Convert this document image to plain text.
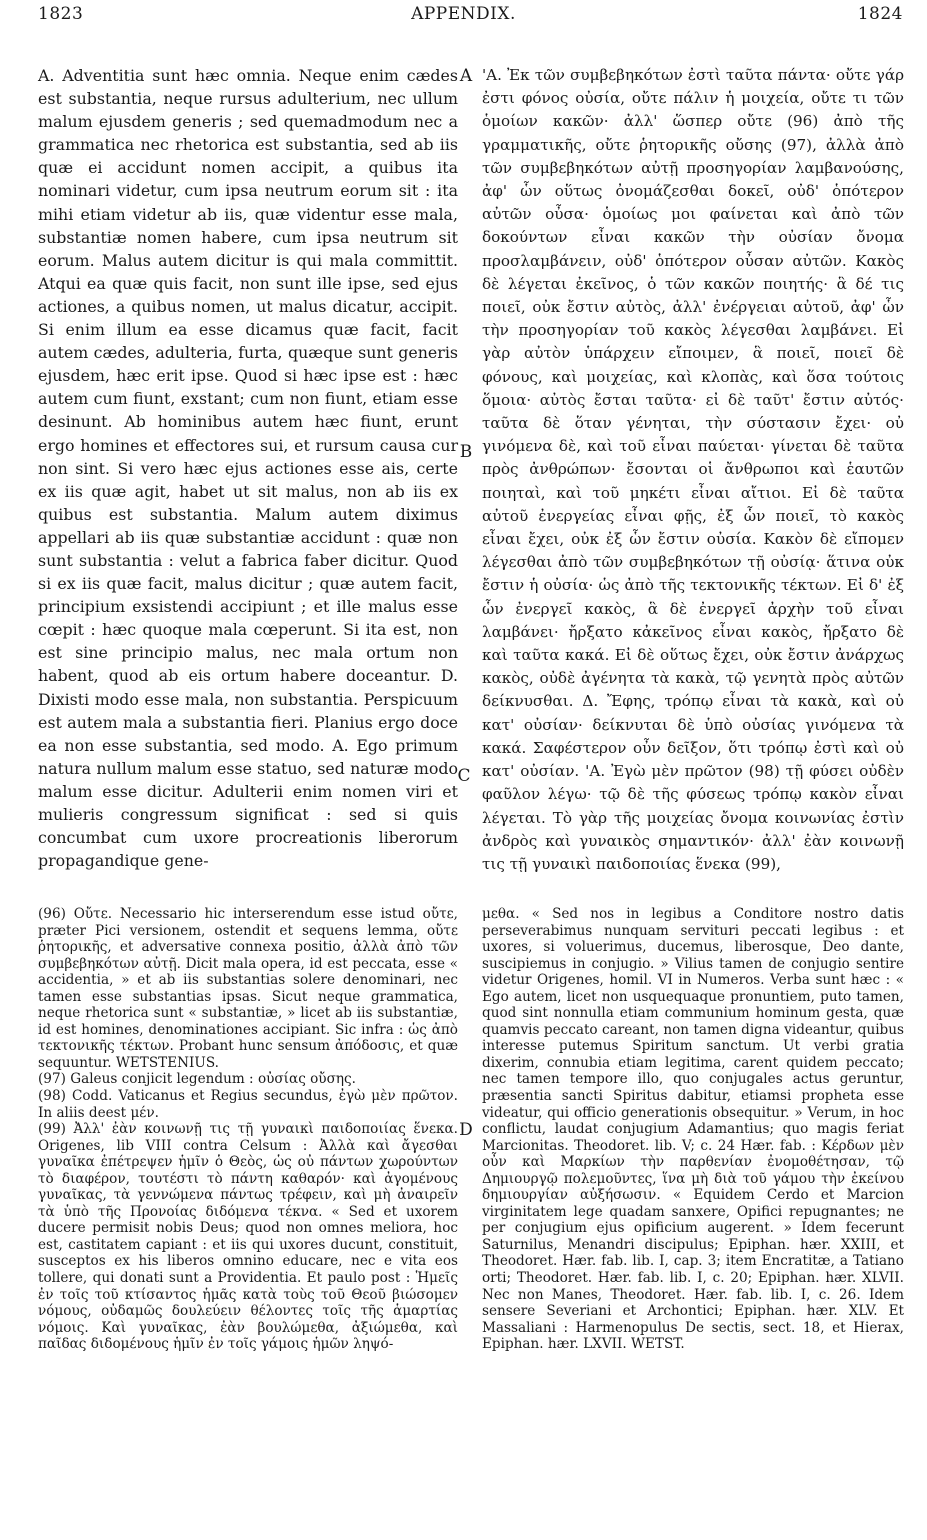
1823	APPENDIX.	1824
A
B
C
D

A. Adventitia sunt hæc omnia. Neque enim cædes est substantia, neque rursus adulterium, nec ullum malum ejusdem generis ; sed quemadmodum nec a grammatica nec rhetorica est substantia, sed ab iis quæ ei accidunt nomen accipit, a quibus ita nominari videtur, cum ipsa neutrum eorum sit : ita mihi etiam videtur ab iis, quæ videntur esse mala, substantiæ nomen habere, cum ipsa neutrum sit eorum. Malus autem dicitur is qui mala committit. Atqui ea quæ quis facit, non sunt ille ipse, sed ejus actiones, a quibus nomen, ut malus dicatur, accipit. Si enim illum ea esse dicamus quæ facit, facit autem cædes, adulteria, furta, quæque sunt generis ejusdem, hæc erit ipse. Quod si hæc ipse est : hæc autem cum fiunt, exstant; cum non fiunt, etiam esse desinunt. Ab hominibus autem hæc fiunt, erunt ergo homines et effectores sui, et rursum causa cur non sint. Si vero hæc ejus actiones esse ais, certe ex iis quæ agit, habet ut sit malus, non ab iis ex quibus est substantia. Malum autem diximus appellari ab iis quæ substantiæ accidunt : quæ non sunt substantia : velut a fabrica faber dicitur. Quod si ex iis quæ facit, malus dicitur ; quæ autem facit, principium exsistendi accipiunt ; et ille malus esse cœpit : hæc quoque mala cœperunt. Si ita est, non est sine principio malus, nec mala ortum non habent, quod ab eis ortum habere doceantur. D. Dixisti modo esse mala, non substantia. Perspicuum est autem mala a substantia fieri. Planius ergo doce ea non esse substantia, sed modo. A. Ego primum natura nullum malum esse statuo, sed naturæ modo malum esse dicitur. Adulterii enim nomen viri et mulieris congressum significat : sed si quis concumbat cum uxore procreationis liberorum propagandique gene-

'Α. Ἐκ τῶν συμβεβηκότων ἐστὶ ταῦτα πάντα· οὔτε γάρ ἐστι φόνος οὐσία, οὔτε πάλιν ἡ μοιχεία, οὔτε τι τῶν ὁμοίων κακῶν· ἀλλ' ὥσπερ οὔτε (96) ἀπὸ τῆς γραμματικῆς, οὔτε ῥητορικῆς οὔσης (97), ἀλλὰ ἀπὸ τῶν συμβεβηκότων αὐτῇ προσηγορίαν λαμβανούσης, ἀφ' ὧν οὕτως ὀνομάζεσθαι δοκεῖ, οὐδ' ὁπότερον αὐτῶν οὖσα· ὁμοίως μοι φαίνεται καὶ ἀπὸ τῶν δοκούντων εἶναι κακῶν τὴν οὐσίαν ὄνομα προσλαμβάνειν, οὐδ' ὁπότερον οὖσαν αὐτῶν. Κακὸς δὲ λέγεται ἐκεῖνος, ὁ τῶν κακῶν ποιητής· ἃ δέ τις ποιεῖ, οὐκ ἔστιν αὐτὸς, ἀλλ' ἐνέργειαι αὐτοῦ, ἀφ' ὧν τὴν προσηγορίαν τοῦ κακὸς λέγεσθαι λαμβάνει. Εἰ γὰρ αὐτὸν ὑπάρχειν εἴποιμεν, ἃ ποιεῖ, ποιεῖ δὲ φόνους, καὶ μοιχείας, καὶ κλοπὰς, καὶ ὅσα τούτοις ὅμοια· αὐτὸς ἔσται ταῦτα· εἰ δὲ ταῦτ' ἔστιν αὐτός· ταῦτα δὲ ὅταν γένηται, τὴν σύστασιν ἔχει· οὐ γινόμενα δὲ, καὶ τοῦ εἶναι παύεται· γίνεται δὲ ταῦτα πρὸς ἀνθρώπων· ἔσονται οἱ ἄνθρωποι καὶ ἑαυτῶν ποιηταὶ, καὶ τοῦ μηκέτι εἶναι αἴτιοι. Εἰ δὲ ταῦτα αὐτοῦ ἐνεργείας εἶναι φῇς, ἐξ ὧν ποιεῖ, τὸ κακὸς εἶναι ἔχει, οὐκ ἐξ ὧν ἔστιν οὐσία. Κακὸν δὲ εἴπομεν λέγεσθαι ἀπὸ τῶν συμβεβηκότων τῇ οὐσίᾳ· ἅτινα οὐκ ἔστιν ἡ οὐσία· ὡς ἀπὸ τῆς τεκτονικῆς τέκτων. Εἰ δ' ἐξ ὧν ἐνεργεῖ κακὸς, ἃ δὲ ἐνεργεῖ ἀρχὴν τοῦ εἶναι λαμβάνει· ἤρξατο κἀκεῖνος εἶναι κακὸς, ἤρξατο δὲ καὶ ταῦτα κακά. Εἰ δὲ οὕτως ἔχει, οὐκ ἔστιν ἀνάρχως κακὸς, οὐδὲ ἀγένητα τὰ κακὰ, τῷ γενητὰ πρὸς αὐτῶν δείκνυσθαι. Δ. Ἔφης, τρόπῳ εἶναι τὰ κακὰ, καὶ οὐ κατ' οὐσίαν· δείκνυται δὲ ὑπὸ οὐσίας γινόμενα τὰ κακά. Σαφέστερον οὖν δεῖξον, ὅτι τρόπῳ ἐστὶ καὶ οὐ κατ' οὐσίαν. 'Α. Ἐγὼ μὲν πρῶτον (98) τῇ φύσει οὐδὲν φαῦλον λέγω· τῷ δὲ τῆς φύσεως τρόπῳ κακὸν εἶναι λέγεται. Τὸ γὰρ τῆς μοιχείας ὄνομα κοινωνίας ἐστὶν ἀνδρὸς καὶ γυναικὸς σημαντικόν· ἀλλ' ἐὰν κοινωνῇ τις τῇ γυναικὶ παιδοποιίας ἕνεκα (99),

(96) Οὔτε. Necessario hic interserendum esse istud οὔτε, præter Pici versionem, ostendit et sequens lemma, οὔτε ῥητορικῆς, et adversative connexa positio, ἀλλὰ ἀπὸ τῶν συμβεβηκότων αὐτῇ. Dicit mala opera, id est peccata, esse « accidentia, » et ab iis substantias solere denominari, nec tamen esse substantias ipsas. Sicut neque grammatica, neque rhetorica sunt « substantiæ, » licet ab iis substantiæ, id est homines, denominationes accipiant. Sic infra : ὡς ἀπὸ τεκτονικῆς τέκτων. Probant hunc sensum ἀπόδοσις, et quæ sequuntur. WETSTENIUS.

(97) Galeus conjicit legendum : οὐσίας οὔσης.

(98) Codd. Vaticanus et Regius secundus, ἐγὼ μὲν πρῶτον. In aliis deest μέν.

(99) Ἀλλ' ἐὰν κοινωνῇ τις τῇ γυναικὶ παιδοποιίας ἕνεκα. Origenes, lib VIII contra Celsum : Ἀλλὰ καὶ ἄγεσθαι γυναῖκα ἐπέτρεψεν ἡμῖν ὁ Θεὸς, ὡς οὐ πάντων χωρούντων τὸ διαφέρον, τουτέστι τὸ πάντη καθαρόν· καὶ ἀγομένους γυναῖκας, τὰ γεννώμενα πάντως τρέφειν, καὶ μὴ ἀναιρεῖν τὰ ὑπὸ τῆς Προνοίας διδόμενα τέκνα. « Sed et uxorem ducere permisit nobis Deus; quod non omnes meliora, hoc est, castitatem capiant : et iis qui uxores ducunt, constituit, susceptos ex his liberos omnino educare, nec e vita eos tollere, qui donati sunt a Providentia. Et paulo post : Ἡμεῖς ἐν τοῖς τοῦ κτίσαντος ἡμᾶς κατὰ τοὺς τοῦ Θεοῦ βιώσομεν νόμους, οὐδαμῶς δουλεύειν θέλοντες τοῖς τῆς ἁμαρτίας νόμοις. Καὶ γυναῖκας, ἐὰν βουλώμεθα, ἀξιώμεθα, καὶ παῖδας διδομένους ἡμῖν ἐν τοῖς γάμοις ἡμῶν ληψό-

μεθα. « Sed nos in legibus a Conditore nostro datis perseverabimus nunquam servituri peccati legibus : et uxores, si voluerimus, ducemus, liberosque, Deo dante, suscipiemus in conjugio. » Vilius tamen de conjugio sentire videtur Origenes, homil. VI in Numeros. Verba sunt hæc : « Ego autem, licet non usquequaque pronuntiem, puto tamen, quod sint nonnulla etiam communium hominum gesta, quæ quamvis peccato careant, non tamen digna videantur, quibus interesse putemus Spiritum sanctum. Ut verbi gratia dixerim, connubia etiam legitima, carent quidem peccato; nec tamen tempore illo, quo conjugales actus geruntur, præsentia sancti Spiritus dabitur, etiamsi propheta esse videatur, qui officio generationis obsequitur. » Verum, in hoc conflictu, laudat conjugium Adamantius; quo magis feriat Marcionitas. Theodoret. lib. V; c. 24 Hær. fab. : Κέρδων μὲν οὖν καὶ Μαρκίων τὴν παρθενίαν ἐνομοθέτησαν, τῷ Δημιουργῷ πολεμοῦντες, ἵνα μὴ διὰ τοῦ γάμου τὴν ἐκείνου δημιουργίαν αὐξήσωσιν. « Equidem Cerdo et Marcion virginitatem lege quadam sanxere, Opifici repugnantes; ne per conjugium ejus opificium augerent. » Idem fecerunt Saturnilus, Menandri discipulus; Epiphan. hær. XXIII, et Theodoret. Hær. fab. lib. I, cap. 3; item Encratitæ, a Tatiano orti; Theodoret. Hær. fab. lib. I, c. 20; Epiphan. hær. XLVII. Nec non Manes, Theodoret. Hær. fab. lib. I, c. 26. Idem sensere Severiani et Archontici; Epiphan. hær. XLV. Et Massaliani : Harmenopulus De sectis, sect. 18, et Hierax, Epiphan. hær. LXVII. WETST.
